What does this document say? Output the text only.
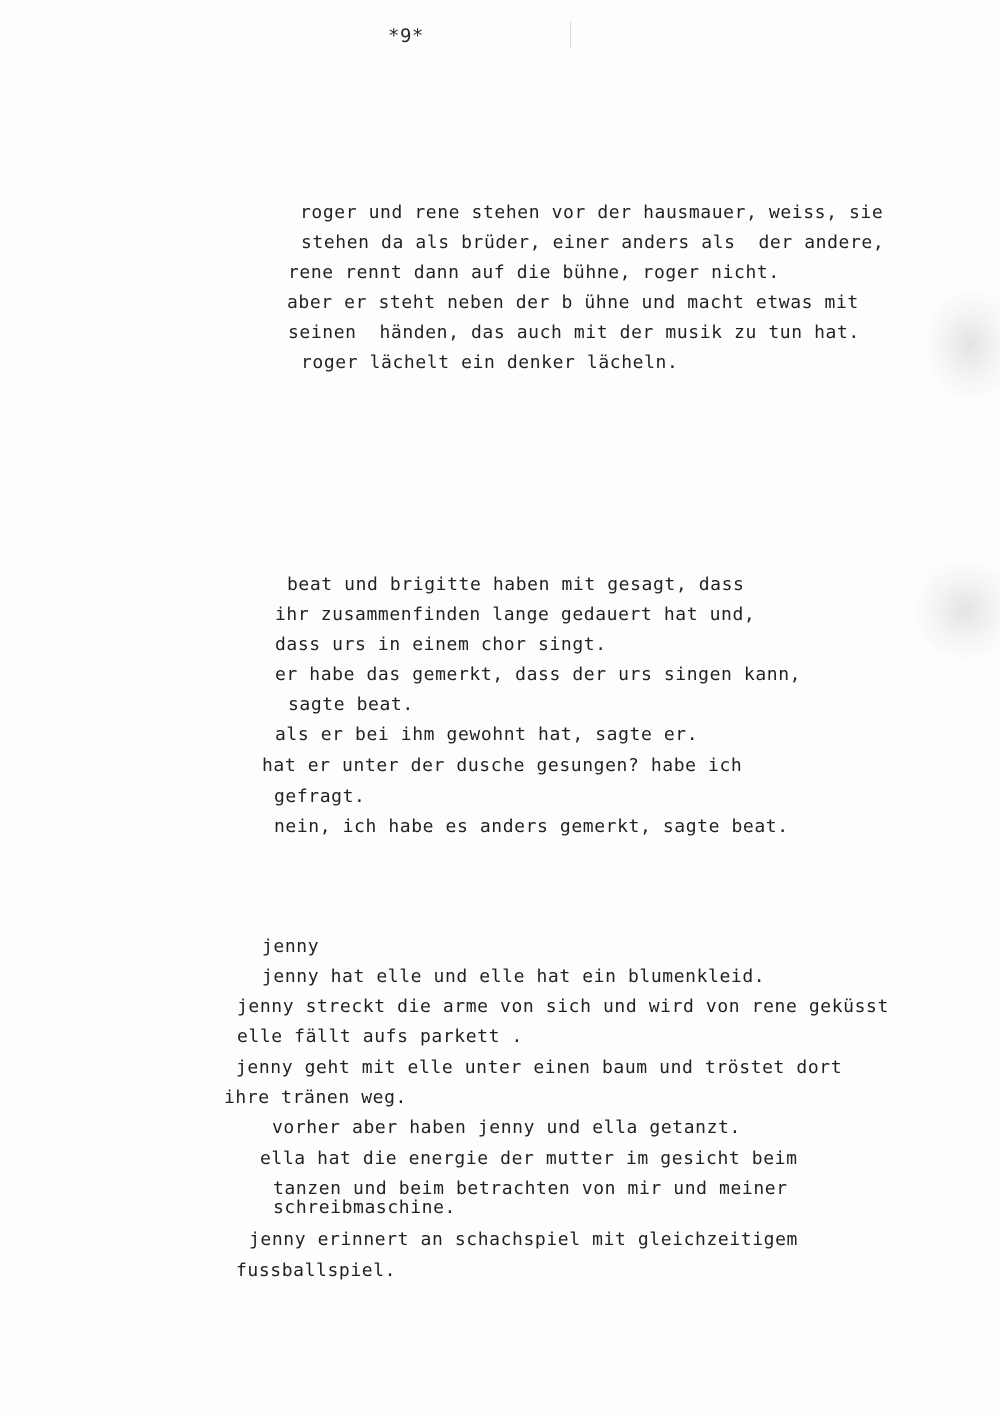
*9*
roger und rene stehen vor der hausmauer, weiss, sie
stehen da als brüder, einer anders als  der andere,
rene rennt dann auf die bühne, roger nicht.
aber er steht neben der b ühne und macht etwas mit
seinen  händen, das auch mit der musik zu tun hat.
roger lächelt ein denker lächeln.
beat und brigitte haben mit gesagt, dass
ihr zusammenfinden lange gedauert hat und,
dass urs in einem chor singt.
er habe das gemerkt, dass der urs singen kann,
sagte beat.
als er bei ihm gewohnt hat, sagte er.
hat er unter der dusche gesungen? habe ich
gefragt.
nein, ich habe es anders gemerkt, sagte beat.
jenny
jenny hat elle und elle hat ein blumenkleid.
jenny streckt die arme von sich und wird von rene geküsst
elle fällt aufs parkett .
jenny geht mit elle unter einen baum und tröstet dort
ihre tränen weg.
vorher aber haben jenny und ella getanzt.
ella hat die energie der mutter im gesicht beim
tanzen und beim betrachten von mir und meiner
schreibmaschine.
jenny erinnert an schachspiel mit gleichzeitigem
fussballspiel.
